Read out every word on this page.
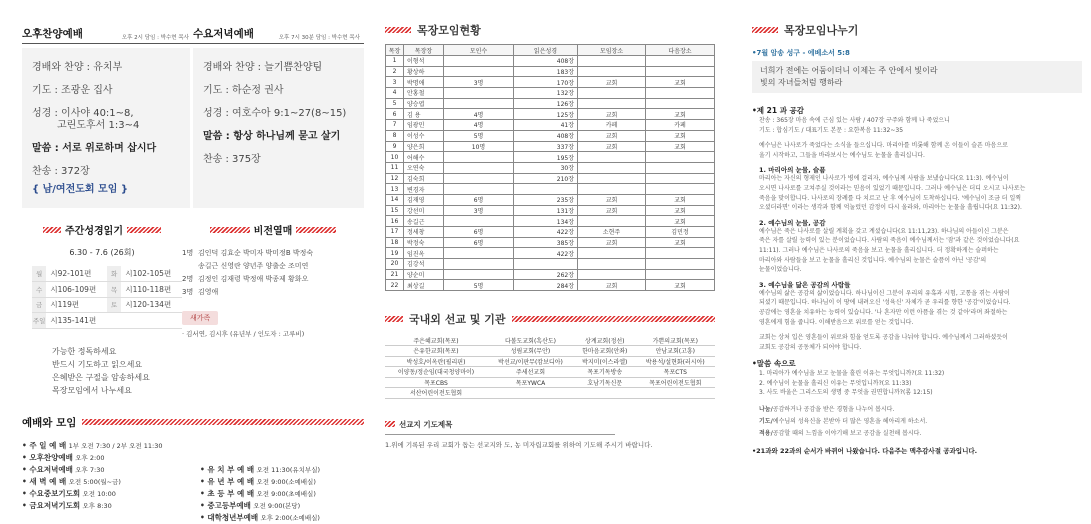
오후찬양예배	오후 2시 담임 : 박수현 목사

경배와 찬양 : 유치부

기도 : 조광운 집사

성경 : 이사야 40:1~8,

고린도후서 1:3~4

말씀 : 서로 위로하며 삽시다

찬송 : 372장

{ 남/여전도회 모임 }

수요저녁예배	오후 7시 30분 담임 : 박수현 목사

경배와 찬양 : 늘기쁨찬양팀

기도 : 하순정 권사

성경 : 여호수아 9:1~27(8~15)

말씀 : 항상 하나님께 묻고 살기

찬송 : 375장

주간성경읽기
6.30 - 7.6 (26회)
월	시92-101편	화	시102-105편
수	시106-109편	목	시110-118편
금	시119편	토	시120-134편
주일	시135-141편		
가능한 정독하세요
반드시 기도하고 읽으세요
은혜받은 구절을 암송하세요
목장모임에서 나누세요
비전열매
1명 김인덕 김효순 박미자 박미정B 박정숙
송길근 신영란 양년주 양출순 조미연
2명 김정인 김재령 박정애 박종제 황화오
3명 김영애
새가족
· 김서연, 김시후 (유년부 / 인도자 : 고루비)
예배와 모임
• 주 일 예 배 1부 오전 7:30 / 2부 오전 11:30
• 오후찬양예배 오후 2:00
• 수요저녁예배 오후 7:30
• 새 벽 예 배 오전 5:00(월~금)
• 수요중보기도회 오전 10:00
• 금요저녁기도회 오후 8:30
• 유 치 부 예 배 오전 11:30(유치부실)
• 유 년 부 예 배 오전 9:00(소예배실)
• 초 등 부 예 배 오전 9:00(초예배실)
• 중고등부예배 오전 9:00(본당)
• 대학청년부예배 오후 2:00(소예배실)
목장모임현황
목장	목장장	모인수	읽은성경	모임장소	다음장소
1	이형석		408장		
2	황상하		183장		
3	박명애	3명	170장	교회	교회
4	안홍철		132장		
5	양승엽		126장		
6	김 용	4명	125장	교회	교회
7	임광민	4명	41장	카페	카페
8	이성수	5명	408장	교회	교회
9	양은희	10명	337장	교회	교회
10	어해수		195장		
11	오연숙		30장		
12	김숙희		210장		
13	변경자				
14	김재영	6명	235장	교회	교회
15	강선미	3명	131장	교회	교회
16	송길근		134장		교회
17	정세창	6명	422장	소현주	김민정
18	박정숙	6명	385장	교회	교회
19	임진옥		422장		
20	김강석				
21	양순미		262장		
22	최상길	5명	284장	교회	교회
국내외 선교 및 기관
주은혜교회(목포)	다볼도교회(흑산도)	상계교회(정선)	가쁜의교회(목포)
은유한교회(목포)	성림교회(무안)	한마음교회(안좌)	안남교회(고흥)
박성호/이옥란(필리핀)	박선교/이판무(캄보디아)	박지미(이스라엘)	박용석/설현화(러시아)
이양동/정순임(대국청양마이)	주세선교회	목포기독방송	목포CTS
목포CBS	목포YWCA	호남기독신문	목포어린이전도협회
서산어린이전도협회			
선교지 기도제목
1.위에 기록된 우리 교회가 돕는 선교지와 도, 농 미자립교회를 위하여 기도해 주시기 바랍니다.
목장모임나누기
•7월 암송 성구 - 에베소서 5:8
너희가 전에는 어둠이더니 이제는 주 안에서 빛이라
빛의 자녀들처럼 행하라
•제 21 과 공감
찬송 : 365장 마음 속에 근심 있는 사람 / 407장 구주와 함께 나 죽었으니
기도 : 합심기도 / 대표기도 본문 : 요한복음 11:32~35
예수님은 나사로가 죽었다는 소식을 들으십니다. 마리아를 비롯해 함께 온 이들이 슬픈 마음으로
울기 시작하고, 그들을 바라보시는 예수님도 눈물을 흘리십니다.
1. 마리아의 눈물, 슬픔
마리아는 자신의 형제인 나사로가 병에 걸리자, 예수님께 사람을 보냈습니다(요 11:3). 예수님이
오시면 나사로를 고쳐주실 것이라는 믿음이 있었기 때문입니다. 그러나 예수님은 더디 오시고 나사로는
죽음을 맞이합니다. 나사로의 장례를 다 치르고 난 후 예수님이 도착하십니다. '예수님이 조금 더 일찍
오셨더라면' 이라는 생각과 함께 억눌렀던 감정이 다시 올라와, 마리아는 눈물을 흘립니다(요 11:32).
2. 예수님의 눈물, 공감
예수님은 죽은 나사로를 살릴 계획을 갖고 계셨습니다(요 11:11,23). 하나님의 아들이신 그분은
죽은 자를 살릴 능력이 있는 분이었습니다. 사람의 죽음이 예수님께서는 '잠'과 같은 것이었습니다(요
11:11). 그러나 예수님은 나사로의 죽음을 보고 눈물을 흘리십니다. 더 정확하게는 슬퍼하는
마리아와 사람들을 보고 눈물을 흘리신 것입니다. 예수님의 눈물은 슬픔이 아닌 '공감'의
눈물이었습니다.
3. 예수님을 닮은 공감의 사람들
예수님의 삶은 공감의 삶이었습니다. 하나님이신 그분이 우리의 유혹과 시험, 고통을 겪는 사람이
되셨기 때문입니다. 하나님이 이 땅에 내려오신 '성육신' 자체가 곧 우리를 향한 '공감'이었습니다.
공감에는 영혼을 치유하는 능력이 있습니다. '나 혼자만 이런 아픔을 겪는 것 같아'라며 좌절하는
영혼에게 힘을 줍니다. 이해받음으로 위로를 얻는 것입니다.
교회는 상처 입은 영혼들이 위로와 힘을 얻도록 공감을 나눠야 합니다. 예수님께서 그러하셨듯이
교회도 공감의 공동체가 되어야 합니다.
•말씀 속으로
1. 마리아가 예수님을 보고 눈물을 흘린 이유는 무엇입니까?(요 11:32)
2. 예수님이 눈물을 흘리신 이유는 무엇입니까?(요 11:33)
3. 사도 바울은 그리스도의 생명 중 무엇을 권면합니까?(롬 12:15)
나눔/공감하거나 공감을 받은 경험을 나누어 봅시다.
기도/예수님의 성육신을 본받아 더 많은 영혼을 헤아리게 하소서.
적용/공감할 때의 느낌을 이야기해 보고 공감을 실천해 봅시다.
•21과와 22과의 순서가 바뀌어 나왔습니다. 다음주는 맥추감사절 공과입니다.
